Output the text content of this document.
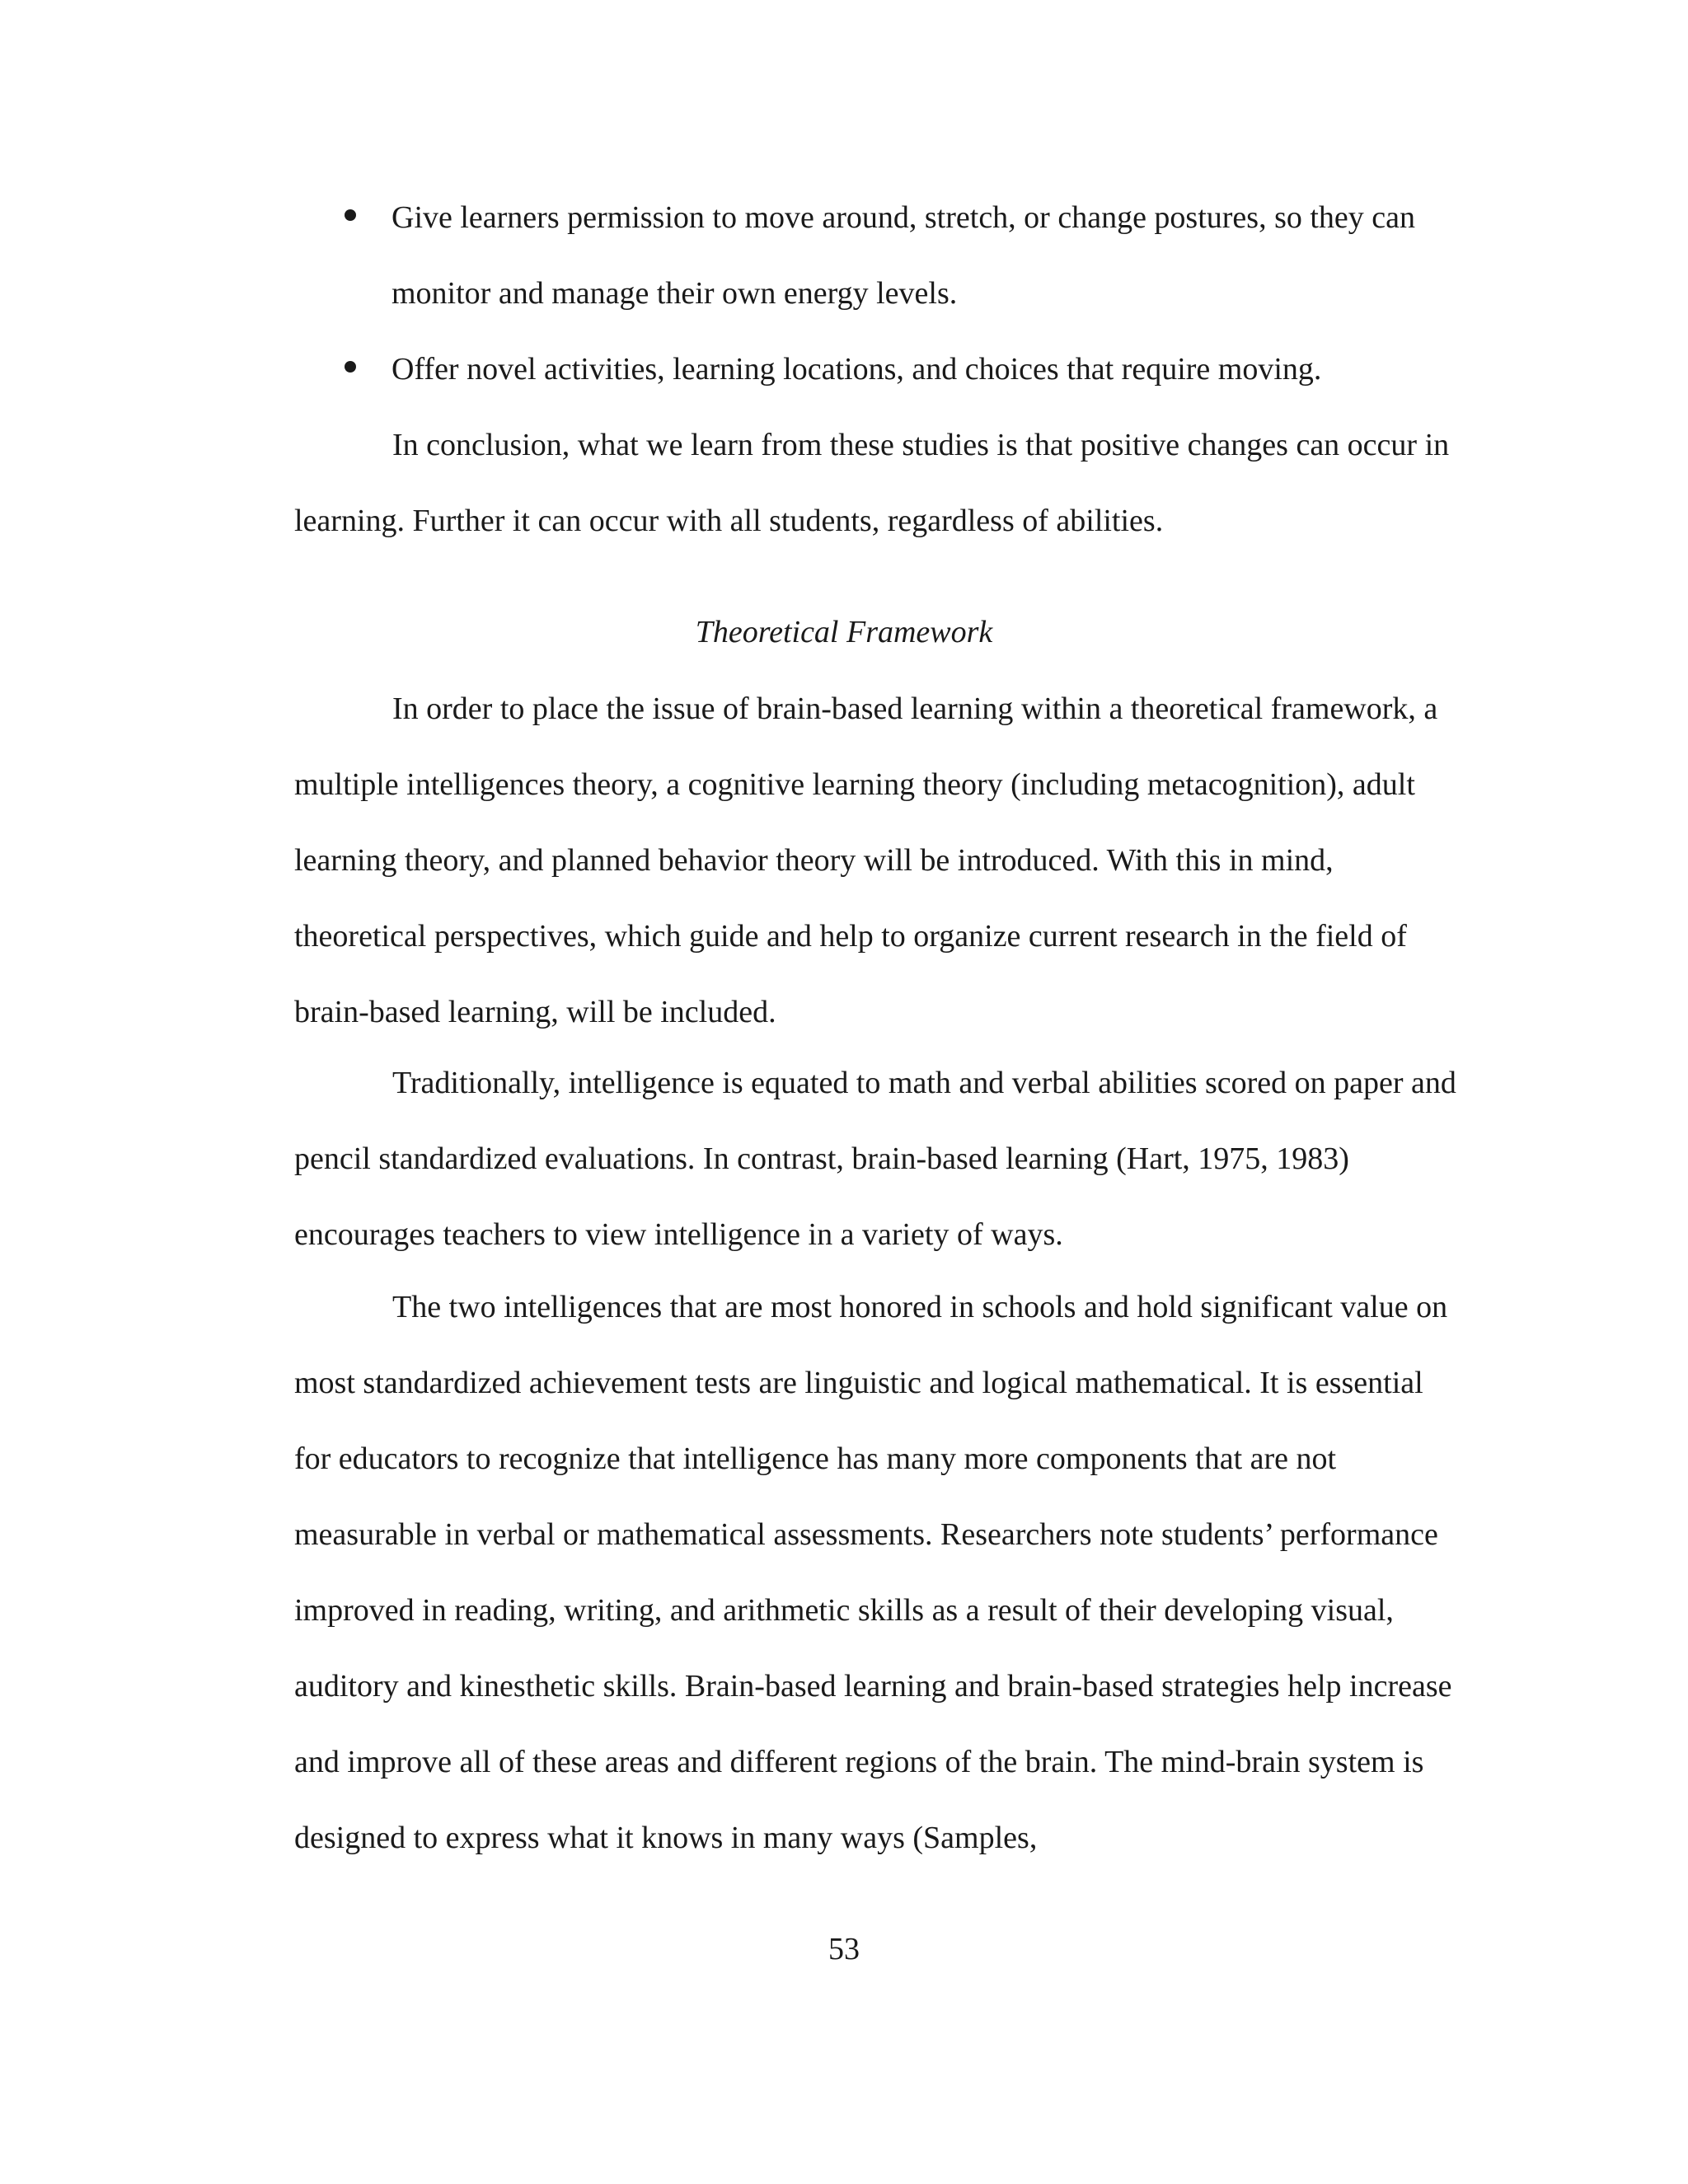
Give learners permission to move around, stretch, or change postures, so they can monitor and manage their own energy levels.
Offer novel activities, learning locations, and choices that require moving.

In conclusion, what we learn from these studies is that positive changes can occur in learning. Further it can occur with all students, regardless of abilities.

Theoretical Framework

In order to place the issue of brain-based learning within a theoretical framework, a multiple intelligences theory, a cognitive learning theory (including metacognition), adult learning theory, and planned behavior theory will be introduced. With this in mind, theoretical perspectives, which guide and help to organize current research in the field of brain-based learning, will be included.

Traditionally, intelligence is equated to math and verbal abilities scored on paper and pencil standardized evaluations. In contrast, brain-based learning (Hart, 1975, 1983) encourages teachers to view intelligence in a variety of ways.

The two intelligences that are most honored in schools and hold significant value on most standardized achievement tests are linguistic and logical mathematical. It is essential for educators to recognize that intelligence has many more components that are not measurable in verbal or mathematical assessments. Researchers note students’ performance improved in reading, writing, and arithmetic skills as a result of their developing visual, auditory and kinesthetic skills. Brain-based learning and brain-based strategies help increase and improve all of these areas and different regions of the brain. The mind-brain system is designed to express what it knows in many ways (Samples,

53
